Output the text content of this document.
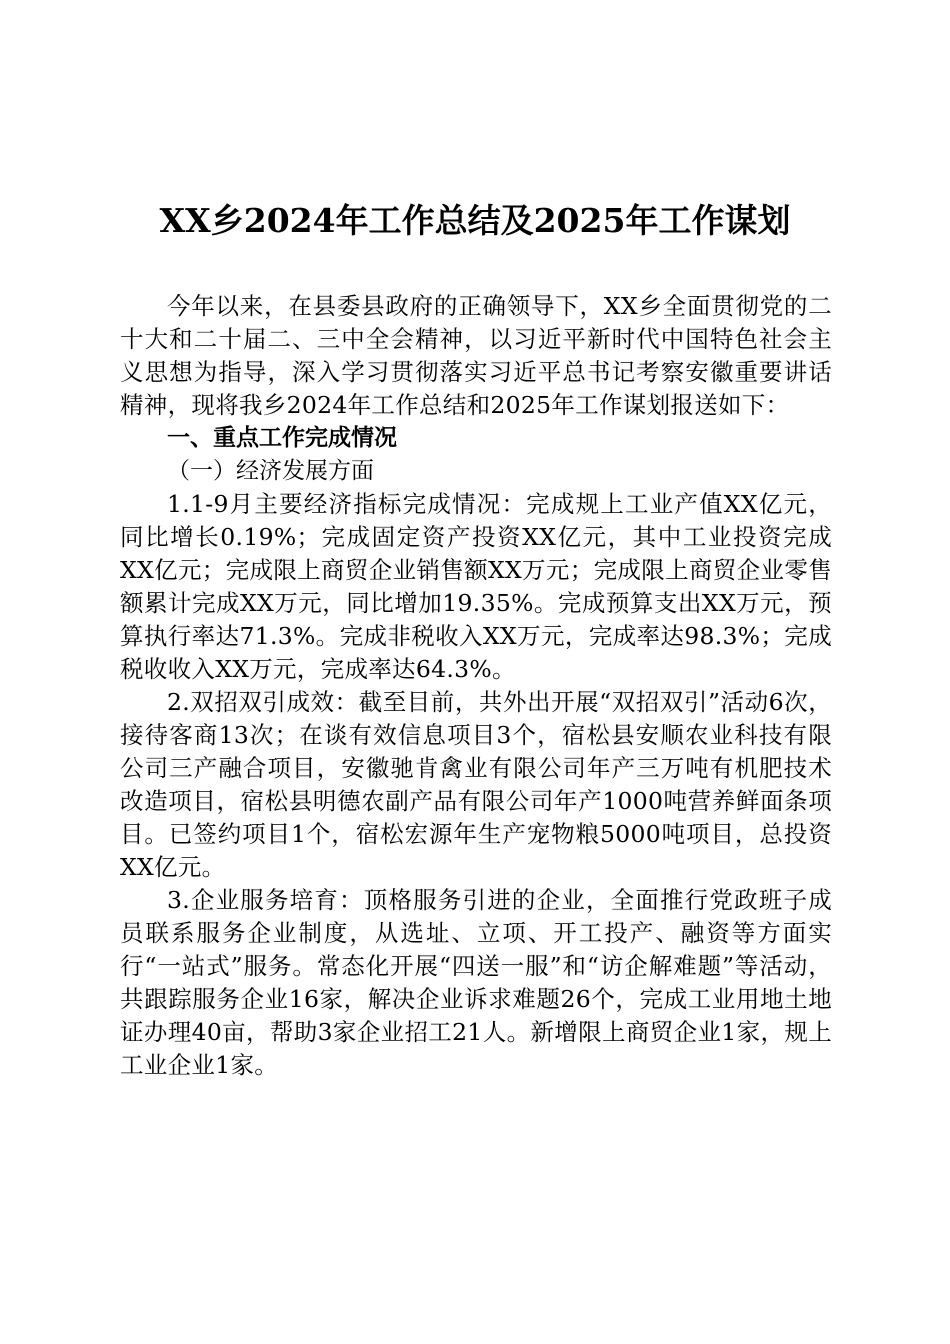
XX乡2024年工作总结及2025年工作谋划

今年以来，在县委县政府的正确领导下，XX乡全面贯彻党的二十大和二十届二、三中全会精神，以习近平新时代中国特色社会主义思想为指导，深入学习贯彻落实习近平总书记考察安徽重要讲话精神，现将我乡2024年工作总结和2025年工作谋划报送如下：

一、重点工作完成情况

（一）经济发展方面

1.1-9月主要经济指标完成情况：完成规上工业产值XX亿元，同比增长0.19%；完成固定资产投资XX亿元，其中工业投资完成XX亿元；完成限上商贸企业销售额XX万元；完成限上商贸企业零售额累计完成XX万元，同比增加19.35%。完成预算支出XX万元，预算执行率达71.3%。完成非税收入XX万元，完成率达98.3%；完成税收收入XX万元，完成率达64.3%。

2.双招双引成效：截至目前，共外出开展“双招双引”活动6次，接待客商13次；在谈有效信息项目3个，宿松县安顺农业科技有限公司三产融合项目，安徽驰肯禽业有限公司年产三万吨有机肥技术改造项目，宿松县明德农副产品有限公司年产1000吨营养鲜面条项目。已签约项目1个，宿松宏源年生产宠物粮5000吨项目，总投资XX亿元。

3.企业服务培育：顶格服务引进的企业，全面推行党政班子成员联系服务企业制度，从选址、立项、开工投产、融资等方面实行“一站式”服务。常态化开展“四送一服”和“访企解难题”等活动，共跟踪服务企业16家，解决企业诉求难题26个，完成工业用地土地证办理40亩，帮助3家企业招工21人。新增限上商贸企业1家，规上工业企业1家。
